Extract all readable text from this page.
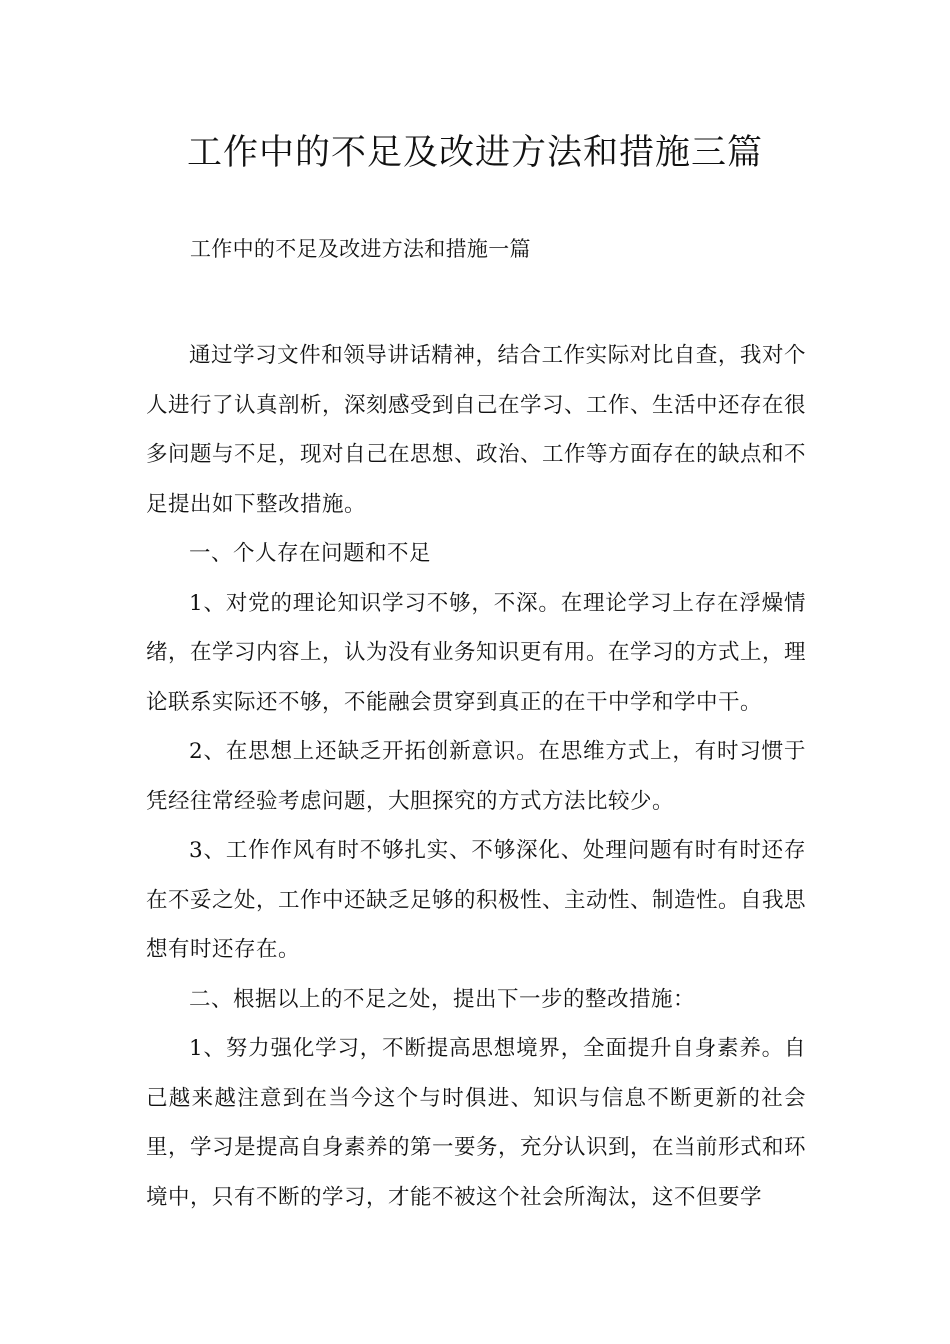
工作中的不足及改进方法和措施三篇

工作中的不足及改进方法和措施一篇

通过学习文件和领导讲话精神，结合工作实际对比自查，我对个人进行了认真剖析，深刻感受到自己在学习、工作、生活中还存在很多问题与不足，现对自己在思想、政治、工作等方面存在的缺点和不足提出如下整改措施。

一、个人存在问题和不足

1、对党的理论知识学习不够，不深。在理论学习上存在浮燥情绪，在学习内容上，认为没有业务知识更有用。在学习的方式上，理论联系实际还不够，不能融会贯穿到真正的在干中学和学中干。

2、在思想上还缺乏开拓创新意识。在思维方式上，有时习惯于凭经往常经验考虑问题，大胆探究的方式方法比较少。

3、工作作风有时不够扎实、不够深化、处理问题有时有时还存在不妥之处，工作中还缺乏足够的积极性、主动性、制造性。自我思想有时还存在。

二、根据以上的不足之处，提出下一步的整改措施：

1、努力强化学习，不断提高思想境界，全面提升自身素养。自己越来越注意到在当今这个与时俱进、知识与信息不断更新的社会里，学习是提高自身素养的第一要务，充分认识到，在当前形式和环境中，只有不断的学习，才能不被这个社会所淘汰，这不但要学
